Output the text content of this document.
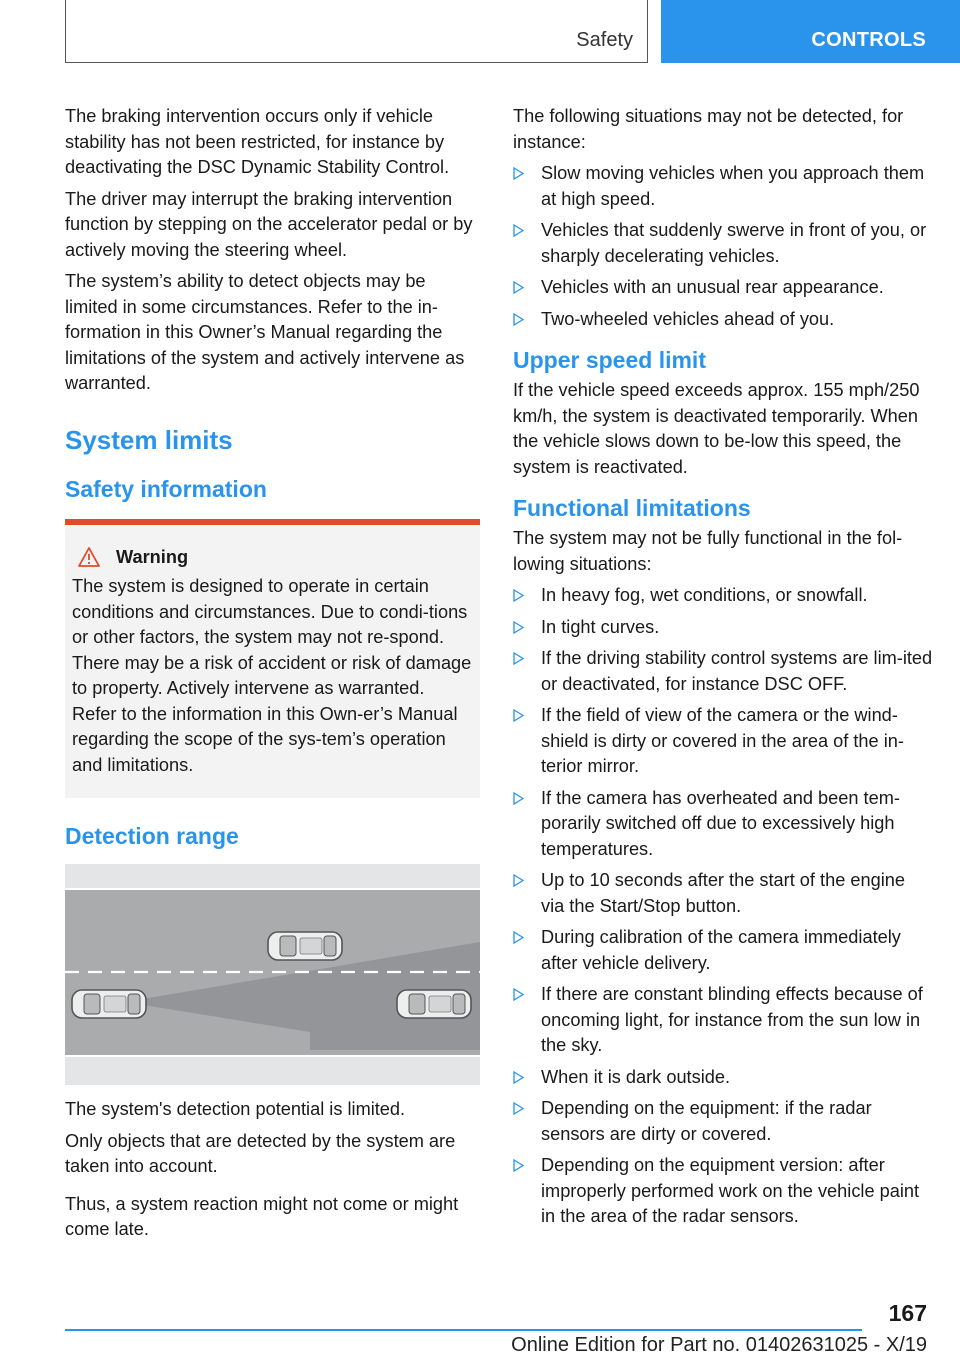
Safety	CONTROLS

The braking intervention occurs only if vehicle stability has not been restricted, for instance by deactivating the DSC Dynamic Stability Control.

The driver may interrupt the braking intervention function by stepping on the accelerator pedal or by actively moving the steering wheel.

The system’s ability to detect objects may be limited in some circumstances. Refer to the in‐formation in this Owner’s Manual regarding the limitations of the system and actively intervene as warranted.

System limits
Safety information
Warning
The system is designed to operate in certain conditions and circumstances. Due to condi‐tions or other factors, the system may not re‐spond. There may be a risk of accident or risk of damage to property. Actively intervene as warranted. Refer to the information in this Own‐er’s Manual regarding the scope of the sys‐tem’s operation and limitations.
Detection range

The system's detection potential is limited.

Only objects that are detected by the system are taken into account.

Thus, a system reaction might not come or might come late.

The following situations may not be detected, for instance:

Slow moving vehicles when you approach them at high speed.
Vehicles that suddenly swerve in front of you, or sharply decelerating vehicles.
Vehicles with an unusual rear appearance.
Two-wheeled vehicles ahead of you.
Upper speed limit

If the vehicle speed exceeds approx. 155 mph/250 km/h, the system is deactivated temporarily. When the vehicle slows down to be‐low this speed, the system is reactivated.

Functional limitations

The system may not be fully functional in the fol‐lowing situations:

In heavy fog, wet conditions, or snowfall.
In tight curves.
If the driving stability control systems are lim‐ited or deactivated, for instance DSC OFF.
If the field of view of the camera or the wind‐shield is dirty or covered in the area of the in‐terior mirror.
If the camera has overheated and been tem‐porarily switched off due to excessively high temperatures.
Up to 10 seconds after the start of the engine via the Start/Stop button.
During calibration of the camera immediately after vehicle delivery.
If there are constant blinding effects because of oncoming light, for instance from the sun low in the sky.
When it is dark outside.
Depending on the equipment: if the radar sensors are dirty or covered.
Depending on the equipment version: after improperly performed work on the vehicle paint in the area of the radar sensors.
167
Online Edition for Part no. 01402631025 - X/19
